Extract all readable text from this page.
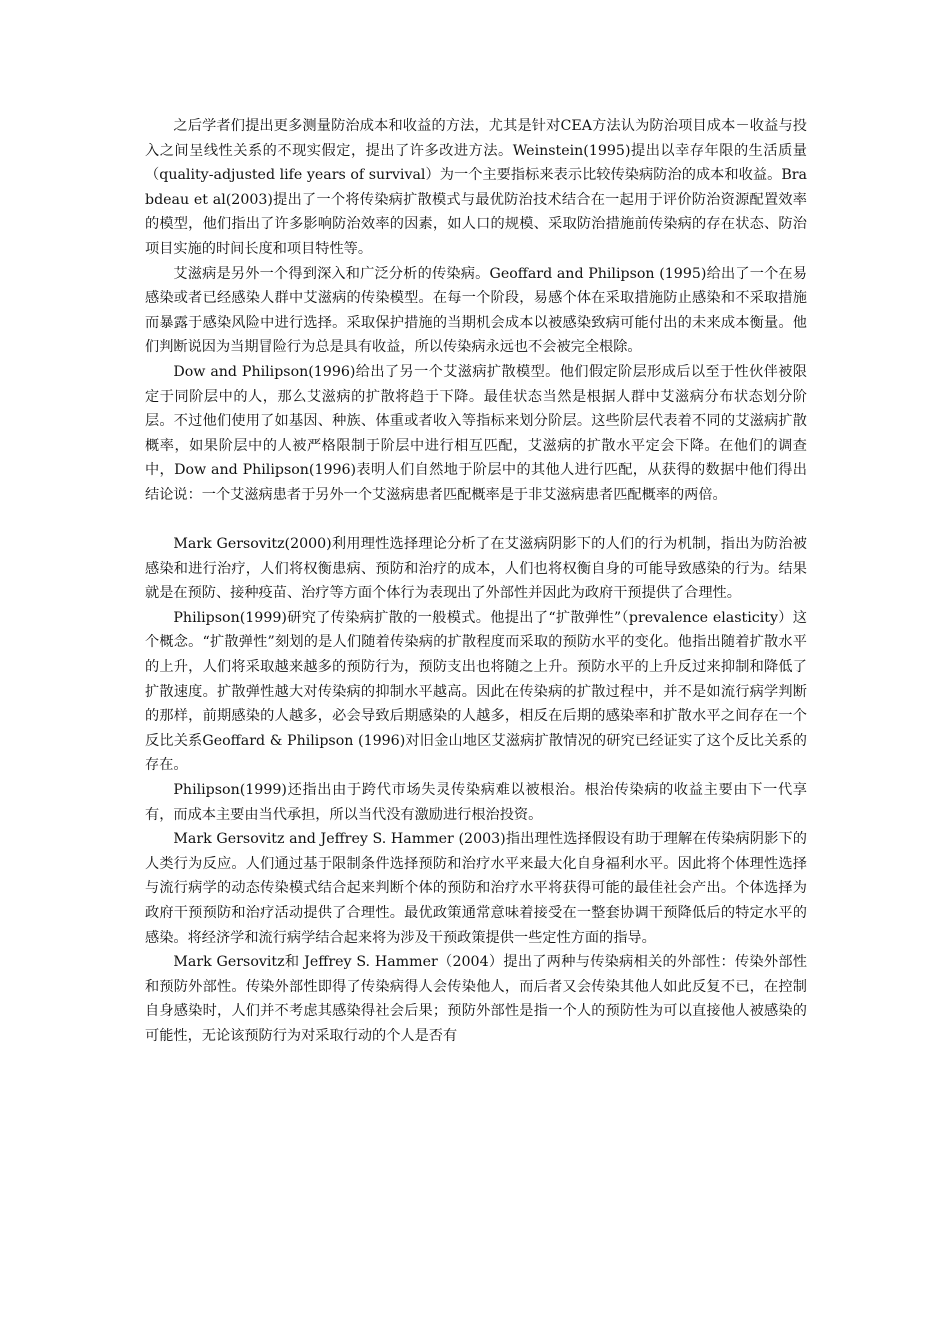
之后学者们提出更多测量防治成本和收益的方法，尤其是针对CEA方法认为防治项目成本－收益与投入之间呈线性关系的不现实假定，提出了许多改进方法。Weinstein(1995)提出以幸存年限的生活质量（quality-adjusted life years of survival）为一个主要指标来表示比较传染病防治的成本和收益。Brabdeau et al(2003)提出了一个将传染病扩散模式与最优防治技术结合在一起用于评价防治资源配置效率的模型，他们指出了许多影响防治效率的因素，如人口的规模、采取防治措施前传染病的存在状态、防治项目实施的时间长度和项目特性等。

艾滋病是另外一个得到深入和广泛分析的传染病。Geoffard and Philipson (1995)给出了一个在易感染或者已经感染人群中艾滋病的传染模型。在每一个阶段，易感个体在采取措施防止感染和不采取措施而暴露于感染风险中进行选择。采取保护措施的当期机会成本以被感染致病可能付出的未来成本衡量。他们判断说因为当期冒险行为总是具有收益，所以传染病永远也不会被完全根除。

Dow and Philipson(1996)给出了另一个艾滋病扩散模型。他们假定阶层形成后以至于性伙伴被限定于同阶层中的人，那么艾滋病的扩散将趋于下降。最佳状态当然是根据人群中艾滋病分布状态划分阶层。不过他们使用了如基因、种族、体重或者收入等指标来划分阶层。这些阶层代表着不同的艾滋病扩散概率，如果阶层中的人被严格限制于阶层中进行相互匹配，艾滋病的扩散水平定会下降。在他们的调查中，Dow and Philipson(1996)表明人们自然地于阶层中的其他人进行匹配，从获得的数据中他们得出结论说：一个艾滋病患者于另外一个艾滋病患者匹配概率是于非艾滋病患者匹配概率的两倍。

Mark Gersovitz(2000)利用理性选择理论分析了在艾滋病阴影下的人们的行为机制，指出为防治被感染和进行治疗，人们将权衡患病、预防和治疗的成本，人们也将权衡自身的可能导致感染的行为。结果就是在预防、接种疫苗、治疗等方面个体行为表现出了外部性并因此为政府干预提供了合理性。

Philipson(1999)研究了传染病扩散的一般模式。他提出了“扩散弹性”（prevalence elasticity）这个概念。“扩散弹性”刻划的是人们随着传染病的扩散程度而采取的预防水平的变化。他指出随着扩散水平的上升，人们将采取越来越多的预防行为，预防支出也将随之上升。预防水平的上升反过来抑制和降低了扩散速度。扩散弹性越大对传染病的抑制水平越高。因此在传染病的扩散过程中，并不是如流行病学判断的那样，前期感染的人越多，必会导致后期感染的人越多，相反在后期的感染率和扩散水平之间存在一个反比关系Geoffard & Philipson (1996)对旧金山地区艾滋病扩散情况的研究已经证实了这个反比关系的存在。

Philipson(1999)还指出由于跨代市场失灵传染病难以被根治。根治传染病的收益主要由下一代享有，而成本主要由当代承担，所以当代没有激励进行根治投资。

Mark Gersovitz and Jeffrey S. Hammer (2003)指出理性选择假设有助于理解在传染病阴影下的人类行为反应。人们通过基于限制条件选择预防和治疗水平来最大化自身福利水平。因此将个体理性选择与流行病学的动态传染模式结合起来判断个体的预防和治疗水平将获得可能的最佳社会产出。个体选择为政府干预预防和治疗活动提供了合理性。最优政策通常意味着接受在一整套协调干预降低后的特定水平的感染。将经济学和流行病学结合起来将为涉及干预政策提供一些定性方面的指导。

Mark Gersovitz和 Jeffrey S. Hammer（2004）提出了两种与传染病相关的外部性：传染外部性和预防外部性。传染外部性即得了传染病得人会传染他人，而后者又会传染其他人如此反复不已，在控制自身感染时，人们并不考虑其感染得社会后果；预防外部性是指一个人的预防性为可以直接他人被感染的可能性，无论该预防行为对采取行动的个人是否有
